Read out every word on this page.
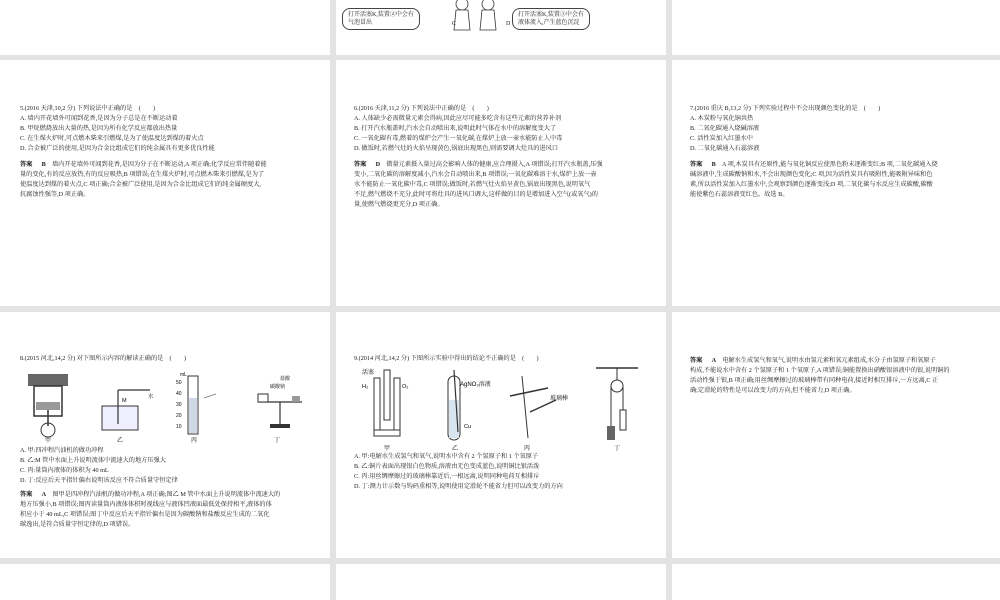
打开活塞K,装置②中会有
气泡冒出	C	D
打开活塞K,装置③中会有
液体流入,产生蓝色沉淀

5.(2016 天津,10,2 分) 下列说法中正确的是　(　　)

A. 墙内开花墙外可闻到花香,是因为分子总是在不断运动着

B. 甲烷燃烧放出大量的热,是因为所有化学反应都放出热量

C. 在生煤火炉时,可点燃木柴来引燃煤,是为了使温度达到煤的着火点

D. 合金被广泛的使用,是因为合金比组成它们的纯金属具有更多优良性能

答案 B 墙内开花墙外可闻到花香,是因为分子在不断运动,A 项正确;化学反应常伴随着能

量的变化,有的反应放热,有的反应吸热,B 项错误;在生煤火炉时,可点燃木柴来引燃煤,是为了

使温度达到煤的着火点,C 项正确;合金被广泛使用,是因为合金比组成它们的纯金属硬度大,

抗腐蚀性强等,D 项正确。

6.(2016 天津,11,2 分) 下列说法中正确的是　(　　)

A. 人体缺少必需微量元素会得病,因此应尽可能多吃含有这些元素的营养补剂

B. 打开汽水瓶盖时,汽水会自动喷出来,说明此时气体在水中的溶解度变大了

C. 一氧化碳有毒,燃着的煤炉会产生一氧化碳,在煤炉上放一壶水能防止人中毒

D. 做饭时,若燃气灶的火焰呈现黄色,锅底出现黑色,则需要调大灶具的进风口

答案 D 微量元素摄入量过高会影响人体的健康,应合理摄入,A 项错误;打开汽水瓶盖,压强

变小,二氧化碳的溶解度减小,汽水会自动喷出来,B 项错误;一氧化碳难溶于水,煤炉上放一壶

水不能防止一氧化碳中毒,C 项错误;做饭时,若燃气灶火焰呈黄色,锅底出现黑色,说明氧气

不足,燃气燃烧不充分,此时可将灶具的进风口调大,这样做的目的是增加进入空气(或氧气)的

量,使燃气燃烧更充分,D 项正确。

7.(2016 重庆 B,13,2 分) 下列实验过程中不会出现颜色变化的是　(　　)

A. 木炭粉与氧化铜共热

B. 二氧化碳通入烧碱溶液

C. 活性炭加入红墨水中

D. 二氧化碳通入石蕊溶液

答案 B A 项,木炭具有还原性,能与氧化铜反应使黑色粉末逐渐变红;B 项,二氧化碳通入烧

碱溶液中,生成碳酸钠和水,不会出现颜色变化;C 项,因为活性炭具有吸附性,能吸附异味和色

素,所以活性炭加入红墨水中,会观察到颜色逐渐变浅;D 项,二氧化碳与水反应生成碳酸,碳酸

能使紫色石蕊溶液变红色。故选 B。

8.(2015 河北,14,2 分) 对下图所示内容的解读正确的是　(　　)

甲
M
水
乙
mL
50
40
30
20
10
丙
盐酸
碳酸钠
丁

A. 甲:四冲程汽油机的做功冲程

B. 乙:M 管中水面上升说明流体中流速大的地方压强大

C. 丙:量筒内液体的体积为 40 mL

D. 丁:反应后天平指针偏右说明该反应不符合质量守恒定律

答案 A 图甲是四冲程汽油机的做功冲程,A 项正确;图乙 M 管中水面上升说明流体中流速大的

地方压强小,B 项错误;图丙读量筒内液体体积时视线应与液体凹液面最低处保持相平,液体的体

积应小于 40 mL,C 项错误;图丁中反应后天平指针偏右是因为碳酸钠和盐酸反应生成的二氧化

碳逸出,是符合质量守恒定律的,D 项错误。

9.(2014 河北,14,2 分) 下图所示实验中得出的结论不正确的是　(　　)

活塞
H₂	O₂
甲
AgNO₃溶液
Cu
乙
玻璃棒
丙	丁

A. 甲:电解水生成氢气和氧气,说明水中含有 2 个氢原子和 1 个氧原子

B. 乙:铜片表面出现银白色物质,溶液由无色变成蓝色,说明铜比银活泼

C. 丙:用丝绸摩擦过的玻璃棒靠近后,一根远离,说明同种电荷互相排斥

D. 丁:测力计示数与钩码重相等,说明使用定滑轮不能省力但可以改变力的方向

答案 A 电解水生成氢气和氧气,说明水由氢元素和氧元素组成,水分子由氢原子和氧原子

构成,不能说水中含有 2 个氢原子和 1 个氧原子,A 项错误;铜能置换出硝酸银溶液中的银,说明铜的

活动性强于银,B 项正确;用丝绸摩擦过的玻璃棒带有同种电荷,接近时相互排斥,一方远离,C 正

确;定滑轮的特性是可以改变力的方向,但不能省力,D 项正确。
